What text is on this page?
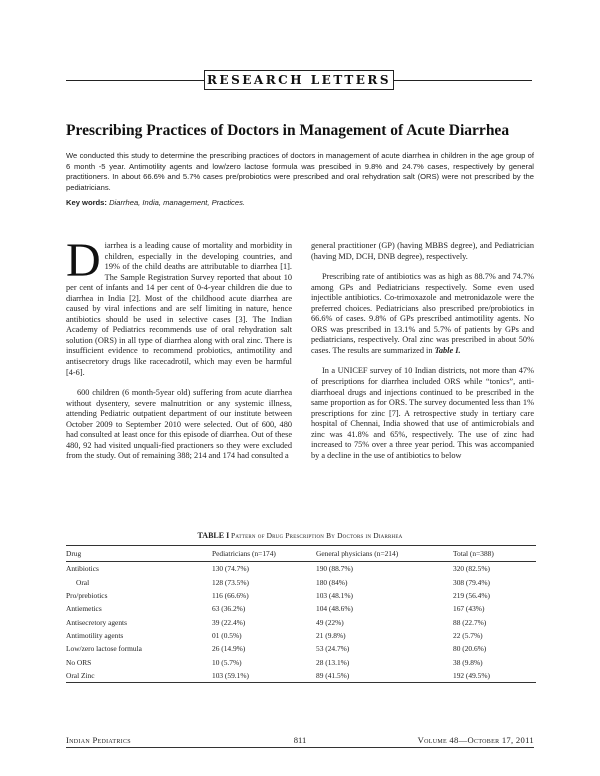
RESEARCH LETTERS
Prescribing Practices of Doctors in Management of Acute Diarrhea
We conducted this study to determine the prescribing practices of doctors in management of acute diarrhea in children in the age group of 6 month -5 year. Antimotility agents and low/zero lactose formula was prescibed in 9.8% and 24.7% cases, respectively by general practitioners. In about 66.6% and 5.7% cases pre/probiotics were prescribed and oral rehydration salt (ORS) were not prescribed by the pediatricians.
Key words: Diarrhea, India, management, Practices.

Diarrhea is a leading cause of mortality and morbidity in children, especially in the developing countries, and 19% of the child deaths are attributable to diarrhea [1]. The Sample Registration Survey reported that about 10 per cent of infants and 14 per cent of 0-4-year children die due to diarrhea in India [2]. Most of the childhood acute diarrhea are caused by viral infections and are self limiting in nature, hence antibiotics should be used in selective cases [3]. The Indian Academy of Pediatrics recommends use of oral rehydration salt solution (ORS) in all type of diarrhea along with oral zinc. There is insufficient evidence to recommend probiotics, antimotility and antisecretory drugs like racecadrotil, which may even be harmful [4-6].

600 children (6 month-5year old) suffering from acute diarrhea without dysentery, severe malnutrition or any systemic illness, attending Pediatric outpatient department of our institute between October 2009 to September 2010 were selected. Out of 600, 480 had consulted at least once for this episode of diarrhea. Out of these 480, 92 had visited unquali-fied practioners so they were excluded from the study. Out of remaining 388; 214 and 174 had consulted a

general practitioner (GP) (having MBBS degree), and Pediatrician (having MD, DCH, DNB degree), respectively.

Prescribing rate of antibiotics was as high as 88.7% and 74.7% among GPs and Pediatricians respectively. Some even used injectible antibiotics. Co-trimoxazole and metronidazole were the preferred choices. Pediatricians also prescribed pre/probiotics in 66.6% of cases. 9.8% of GPs prescribed antimotility agents. No ORS was prescribed in 13.1% and 5.7% of patients by GPs and pediatricians, respectively. Oral zinc was prescribed in about 50% cases. The results are summarized in Table I.

In a UNICEF survey of 10 Indian districts, not more than 47% of prescriptions for diarrhea included ORS while “tonics”, anti-diarrhoeal drugs and injections continued to be prescribed in the same proportion as for ORS. The survey documented less than 1% prescriptions for zinc [7]. A retrospective study in tertiary care hospital of Chennai, India showed that use of antimicrobials and zinc was 41.8% and 65%, respectively. The use of zinc had increased to 75% over a three year period. This was accompanied by a decline in the use of antibiotics to below

TABLE I Pattern of Drug Prescription By Doctors in Diarrhea
Drug	Pediatricians (n=174)	General physicians (n=214)	Total (n=388)
Antibiotics	130 (74.7%)	190 (88.7%)	320 (82.5%)
Oral	128 (73.5%)	180 (84%)	308 (79.4%)
Pro/prebiotics	116 (66.6%)	103 (48.1%)	219 (56.4%)
Antiemetics	63 (36.2%)	104 (48.6%)	167 (43%)
Antisecretory agents	39 (22.4%)	49 (22%)	88 (22.7%)
Antimotility agents	01 (0.5%)	21 (9.8%)	22 (5.7%)
Low/zero lactose formula	26 (14.9%)	53 (24.7%)	80 (20.6%)
No ORS	10 (5.7%)	28 (13.1%)	38 (9.8%)
Oral Zinc	103 (59.1%)	89 (41.5%)	192 (49.5%)
Indian Pediatrics	811	Volume 48—October 17, 2011
